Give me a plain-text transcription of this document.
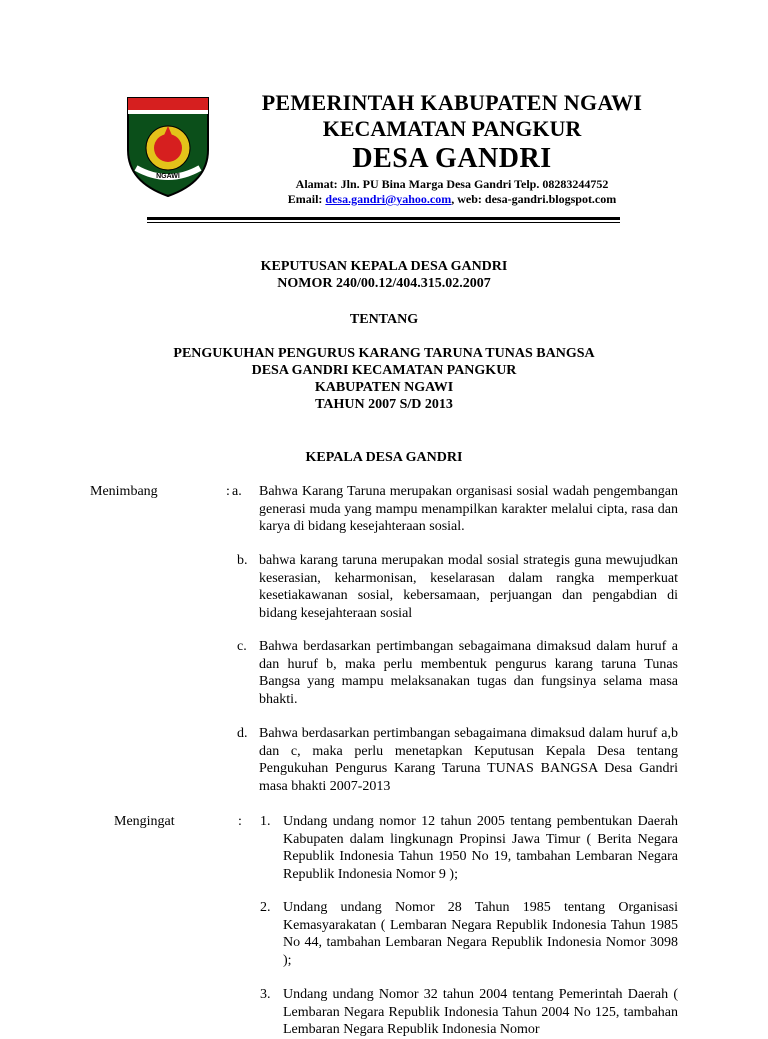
NGAWI
PEMERINTAH KABUPATEN NGAWI
KECAMATAN PANGKUR
DESA GANDRI
Alamat: Jln. PU Bina Marga Desa Gandri Telp. 08283244752
Email: desa.gandri@yahoo.com, web: desa-gandri.blogspot.com
KEPUTUSAN KEPALA DESA GANDRI
NOMOR 240/00.12/404.315.02.2007
TENTANG
PENGUKUHAN PENGURUS KARANG TARUNA TUNAS BANGSA
DESA GANDRI KECAMATAN PANGKUR
KABUPATEN NGAWI
TAHUN 2007 S/D 2013
KEPALA DESA GANDRI
Menimbang	: a. Bahwa Karang Taruna merupakan organisasi sosial wadah pengembangan generasi muda yang mampu menampilkan karakter melalui cipta, rasa dan karya di bidang kesejahteraan sosial.
b. bahwa karang taruna merupakan modal sosial strategis guna mewujudkan keserasian, keharmonisan, keselarasan dalam rangka memperkuat kesetiakawanan sosial, kebersamaan, perjuangan dan pengabdian di bidang kesejahteraan sosial
c. Bahwa berdasarkan pertimbangan sebagaimana dimaksud dalam huruf a dan huruf b, maka perlu membentuk pengurus karang taruna Tunas Bangsa yang mampu melaksanakan tugas dan fungsinya selama masa bhakti.
d. Bahwa berdasarkan pertimbangan sebagaimana dimaksud dalam huruf a,b dan c, maka perlu menetapkan Keputusan Kepala Desa tentang Pengukuhan Pengurus Karang Taruna TUNAS BANGSA Desa Gandri masa bhakti 2007-2013
Mengingat	: 1. Undang undang nomor 12 tahun 2005 tentang pembentukan Daerah Kabupaten dalam lingkunagn Propinsi Jawa Timur ( Berita Negara Republik Indonesia Tahun 1950 No 19, tambahan Lembaran Negara Republik Indonesia Nomor 9 );
2. Undang undang Nomor 28 Tahun 1985 tentang Organisasi Kemasyarakatan ( Lembaran Negara Republik Indonesia Tahun 1985 No 44, tambahan Lembaran Negara Republik Indonesia Nomor 3098 );
3. Undang undang Nomor 32 tahun 2004 tentang Pemerintah Daerah ( Lembaran Negara Republik Indonesia Tahun 2004 No 125, tambahan Lembaran Negara Republik Indonesia Nomor
